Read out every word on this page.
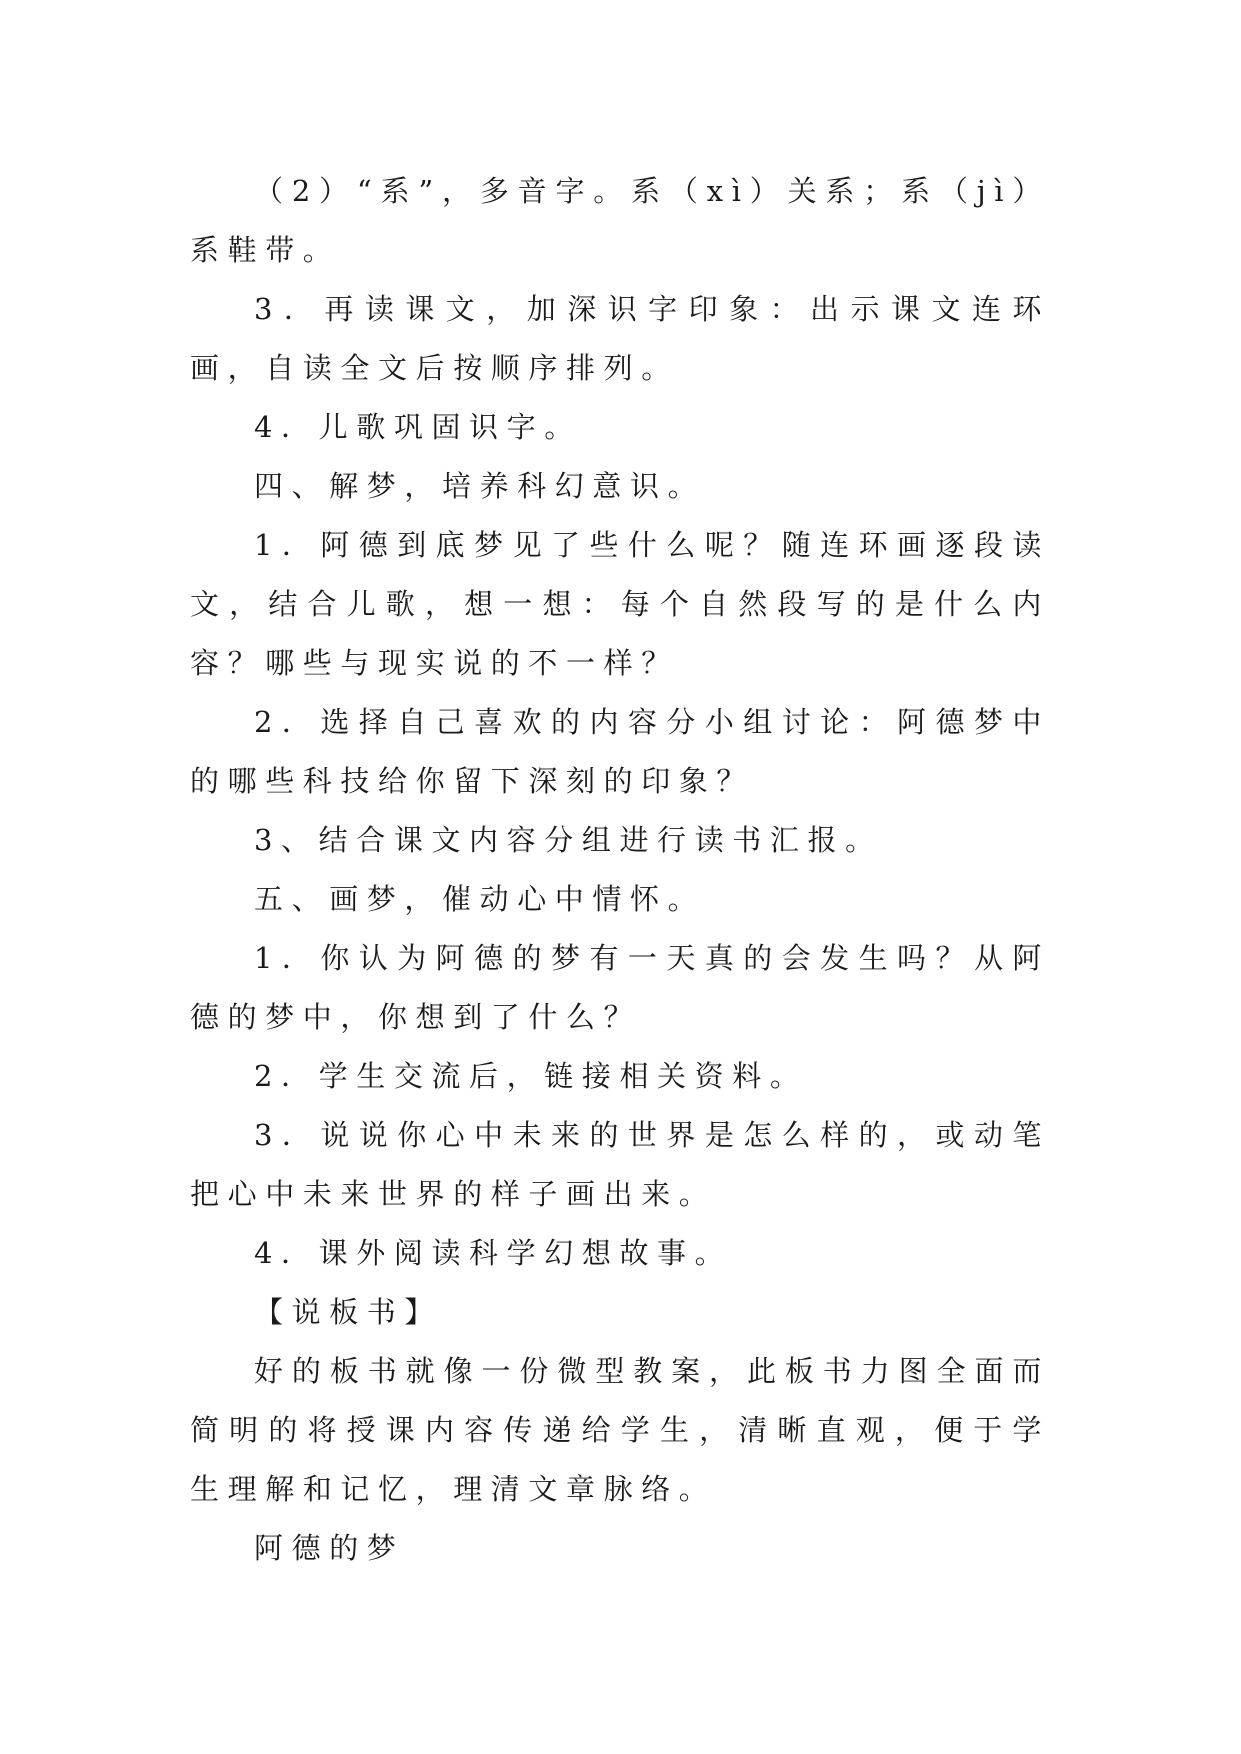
（2）“系”，多音字。系（xì）关系；系（jì）系鞋带。

3．再读课文，加深识字印象：出示课文连环画，自读全文后按顺序排列。

4．儿歌巩固识字。

四、解梦，培养科幻意识。

1．阿德到底梦见了些什么呢？随连环画逐段读文，结合儿歌，想一想：每个自然段写的是什么内容？哪些与现实说的不一样？

2．选择自己喜欢的内容分小组讨论：阿德梦中的哪些科技给你留下深刻的印象？

3、结合课文内容分组进行读书汇报。

五、画梦，催动心中情怀。

1．你认为阿德的梦有一天真的会发生吗？从阿德的梦中，你想到了什么？

2．学生交流后，链接相关资料。

3．说说你心中未来的世界是怎么样的，或动笔把心中未来世界的样子画出来。

4．课外阅读科学幻想故事。

【说板书】

好的板书就像一份微型教案，此板书力图全面而简明的将授课内容传递给学生，清晰直观，便于学生理解和记忆，理清文章脉络。

阿德的梦
